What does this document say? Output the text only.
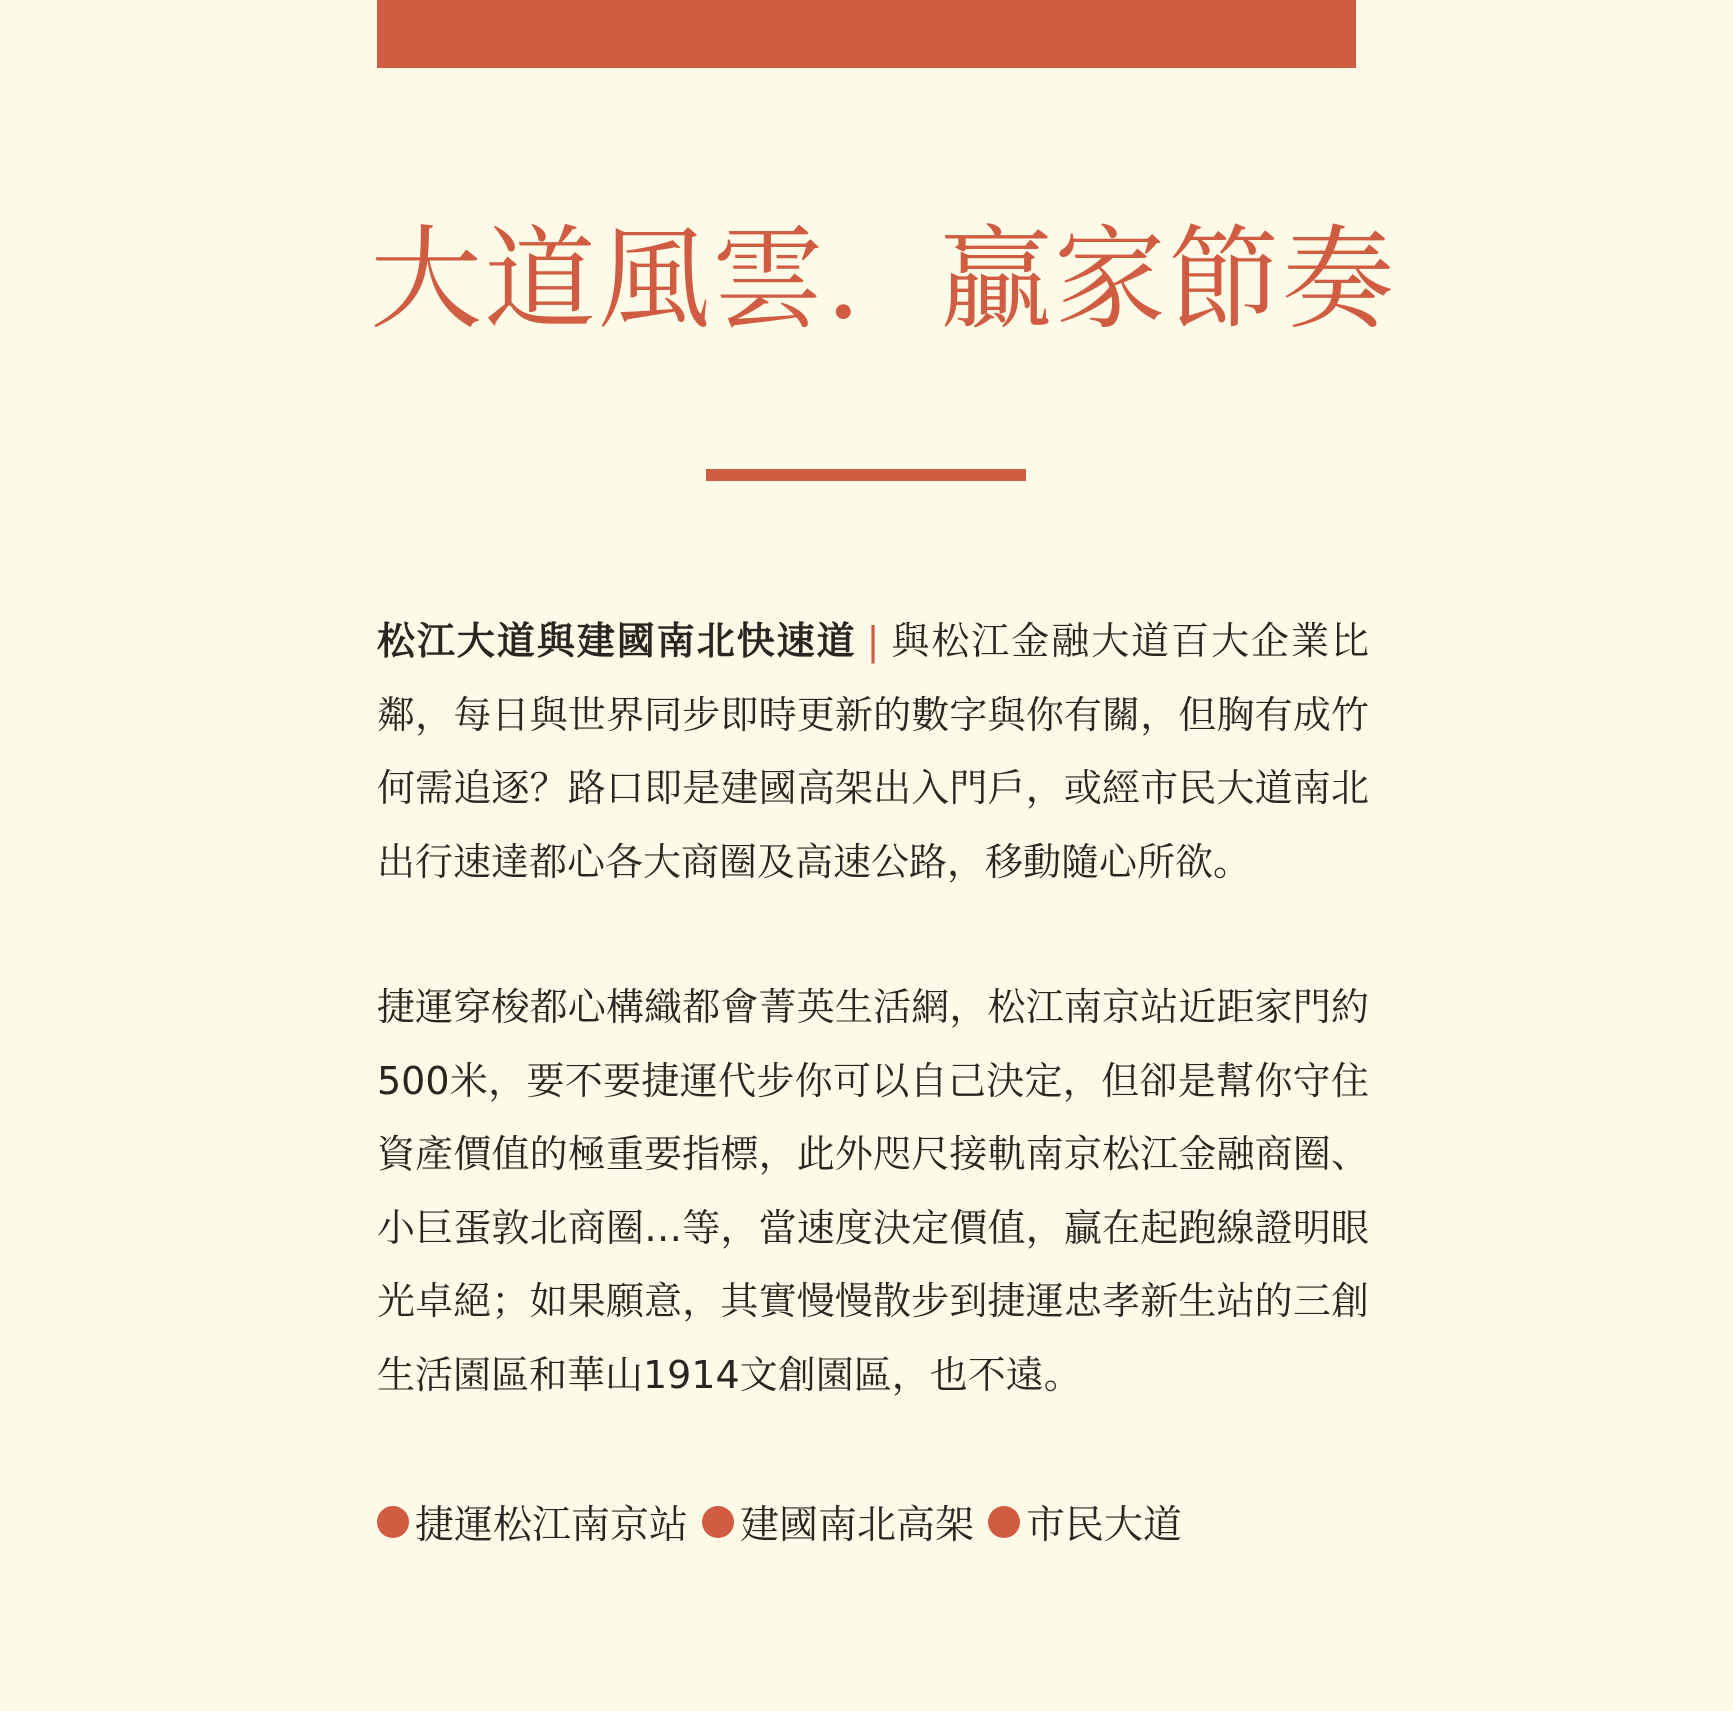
大道風雲．贏家節奏

松江大道與建國南北快速道 | 與松江金融大道百大企業比鄰，每日與世界同步即時更新的數字與你有關，但胸有成竹何需追逐？路口即是建國高架出入門戶，或經市民大道南北出行速達都心各大商圈及高速公路，移動隨心所欲。

捷運穿梭都心構織都會菁英生活網，松江南京站近距家門約500米，要不要捷運代步你可以自己決定，但卻是幫你守住資產價值的極重要指標，此外咫尺接軌南京松江金融商圈、小巨蛋敦北商圈…等，當速度決定價值，贏在起跑線證明眼光卓絕；如果願意，其實慢慢散步到捷運忠孝新生站的三創生活園區和華山1914文創園區，也不遠。

捷運松江南京站 建國南北高架 市民大道
